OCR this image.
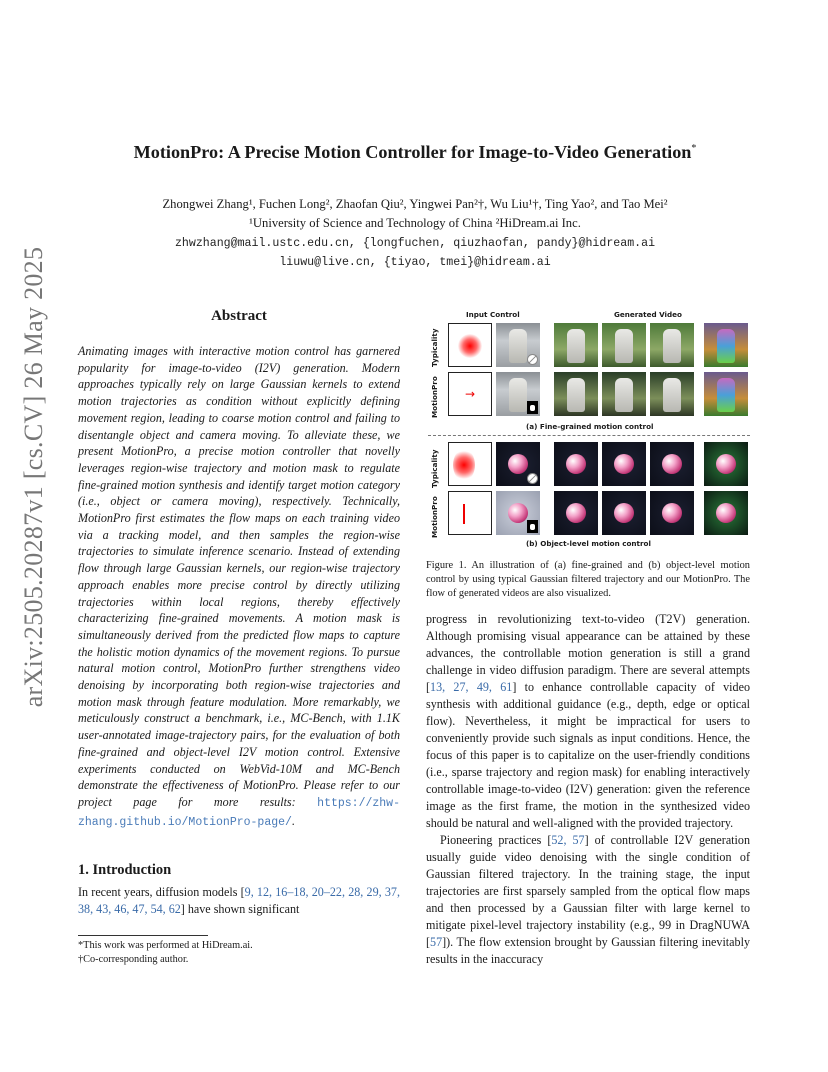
arXiv:2505.20287v1 [cs.CV] 26 May 2025
MotionPro: A Precise Motion Controller for Image-to-Video Generation*
Zhongwei Zhang¹, Fuchen Long², Zhaofan Qiu², Yingwei Pan²†, Wu Liu¹†, Ting Yao², and Tao Mei²
¹University of Science and Technology of China ²HiDream.ai Inc.
zhwzhang@mail.ustc.edu.cn, {longfuchen, qiuzhaofan, pandy}@hidream.ai
liuwu@live.cn, {tiyao, tmei}@hidream.ai
Abstract
Animating images with interactive motion control has garnered popularity for image-to-video (I2V) generation. Modern approaches typically rely on large Gaussian kernels to extend motion trajectories as condition without explicitly defining movement region, leading to coarse motion control and failing to disentangle object and camera moving. To alleviate these, we present MotionPro, a precise motion controller that novelly leverages region-wise trajectory and motion mask to regulate fine-grained motion synthesis and identify target motion category (i.e., object or camera moving), respectively. Technically, MotionPro first estimates the flow maps on each training video via a tracking model, and then samples the region-wise trajectories to simulate inference scenario. Instead of extending flow through large Gaussian kernels, our region-wise trajectory approach enables more precise control by directly utilizing trajectories within local regions, thereby effectively characterizing fine-grained movements. A motion mask is simultaneously derived from the predicted flow maps to capture the holistic motion dynamics of the movement regions. To pursue natural motion control, MotionPro further strengthens video denoising by incorporating both region-wise trajectories and motion mask through feature modulation. More remarkably, we meticulously construct a benchmark, i.e., MC-Bench, with 1.1K user-annotated image-trajectory pairs, for the evaluation of both fine-grained and object-level I2V motion control. Extensive experiments conducted on WebVid-10M and MC-Bench demonstrate the effectiveness of MotionPro. Please refer to our project page for more results: https://zhw-zhang.github.io/MotionPro-page/.
1. Introduction
In recent years, diffusion models [9, 12, 16–18, 20–22, 28, 29, 37, 38, 43, 46, 47, 54, 62] have shown significant
*This work was performed at HiDream.ai.
†Co-corresponding author.
Input Control	Generated Video
Typicality
MotionPro →
(a) Fine-grained motion control
Typicality
MotionPro
(b) Object-level motion control
Figure 1. An illustration of (a) fine-grained and (b) object-level motion control by using typical Gaussian filtered trajectory and our MotionPro. The flow of generated videos are also visualized.

progress in revolutionizing text-to-video (T2V) generation. Although promising visual appearance can be attained by these advances, the controllable motion generation is still a grand challenge in video diffusion paradigm. There are several attempts [13, 27, 49, 61] to enhance controllable capacity of video synthesis with additional guidance (e.g., depth, edge or optical flow). Nevertheless, it might be impractical for users to conveniently provide such signals as input conditions. Hence, the focus of this paper is to capitalize on the user-friendly conditions (i.e., sparse trajectory and region mask) for enabling interactively controllable image-to-video (I2V) generation: given the reference image as the first frame, the motion in the synthesized video should be natural and well-aligned with the provided trajectory.

Pioneering practices [52, 57] of controllable I2V generation usually guide video denoising with the single condition of Gaussian filtered trajectory. In the training stage, the input trajectories are first sparsely sampled from the optical flow maps and then processed by a Gaussian filter with large kernel to mitigate pixel-level trajectory instability (e.g., 99 in DragNUWA [57]). The flow extension brought by Gaussian filtering inevitably results in the inaccuracy
